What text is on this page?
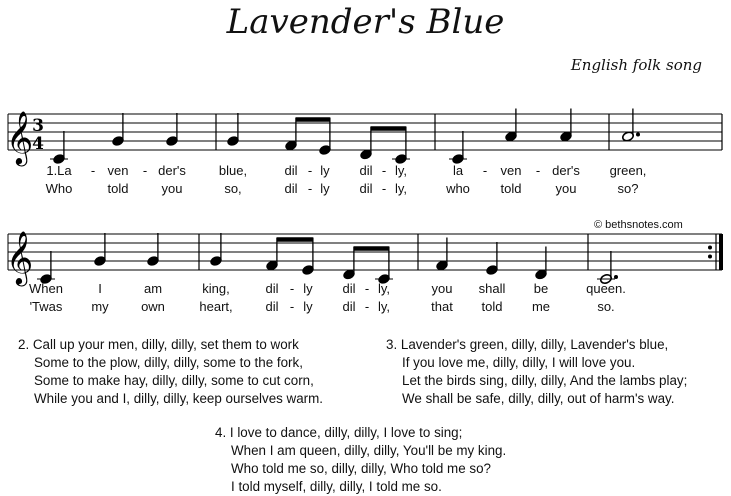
Lavender's Blue
English folk song
© bethsnotes.com
𝄞
3
4
𝄞
1.La - ven - der's	blue,	dil - ly dil - ly,	la - ven - der's green,
Who	told	you	so,	dil - ly dil - ly,	who told	you	so?
When	I	am	king,	dil - ly dil - ly,	you shall be	queen.
'Twas my own	heart,	dil - ly dil - ly,	that told me	so.
2. Call up your men, dilly, dilly, set them to work
Some to the plow, dilly, dilly, some to the fork,
Some to make hay, dilly, dilly, some to cut corn,
While you and I, dilly, dilly, keep ourselves warm.
3. Lavender's green, dilly, dilly, Lavender's blue,
If you love me, dilly, dilly, I will love you.
Let the birds sing, dilly, dilly, And the lambs play;
We shall be safe, dilly, dilly, out of harm's way.
4. I love to dance, dilly, dilly, I love to sing;
When I am queen, dilly, dilly, You'll be my king.
Who told me so, dilly, dilly, Who told me so?
I told myself, dilly, dilly, I told me so.
